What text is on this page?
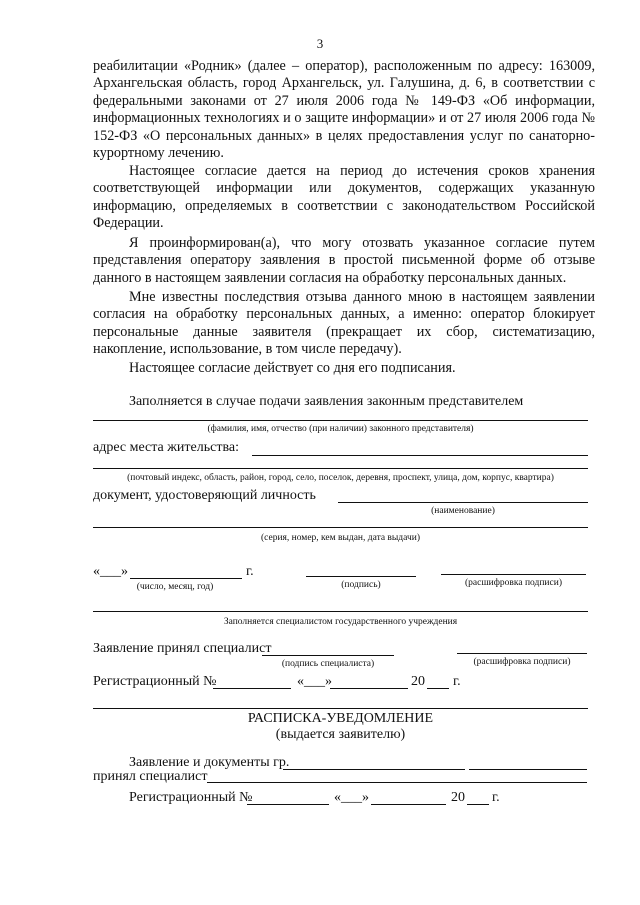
3
реабилитации «Родник» (далее – оператор), расположенным по адресу: 163009, Архангельская область, город Архангельск, ул. Галушина, д. 6, в соответствии с федеральными законами от 27 июля 2006 года № 149-ФЗ «Об информации, информационных технологиях и о защите информации» и от 27 июля 2006 года № 152-ФЗ «О персональных данных» в целях предоставления услуг по санаторно-курортному лечению.
Настоящее согласие дается на период до истечения сроков хранения соответствующей информации или документов, содержащих указанную информацию, определяемых в соответствии с законодательством Российской Федерации.
Я проинформирован(а), что могу отозвать указанное согласие путем представления оператору заявления в простой письменной форме об отзыве данного в настоящем заявлении согласия на обработку персональных данных.
Мне известны последствия отзыва данного мною в настоящем заявлении согласия на обработку персональных данных, а именно: оператор блокирует персональные данные заявителя (прекращает их сбор, систематизацию, накопление, использование, в том числе передачу).
Настоящее согласие действует со дня его подписания.
Заполняется в случае подачи заявления законным представителем
(фамилия, имя, отчество (при наличии) законного представителя)
адрес места жительства:
(почтовый индекс, область, район, город, село, поселок, деревня, проспект, улица, дом, корпус, квартира)
документ, удостоверяющий личность
(наименование)
(серия, номер, кем выдан, дата выдачи)
«___»	г.
(число, месяц, год)	(подпись)	(расшифровка подписи)
Заполняется специалистом государственного учреждения
Заявление принял специалист
(подпись специалиста)	(расшифровка подписи)
Регистрационный №	«___»	20 г.
РАСПИСКА-УВЕДОМЛЕНИЕ
(выдается заявителю)
Заявление и документы гр.
принял специалист
Регистрационный №	«___»	20 г.
